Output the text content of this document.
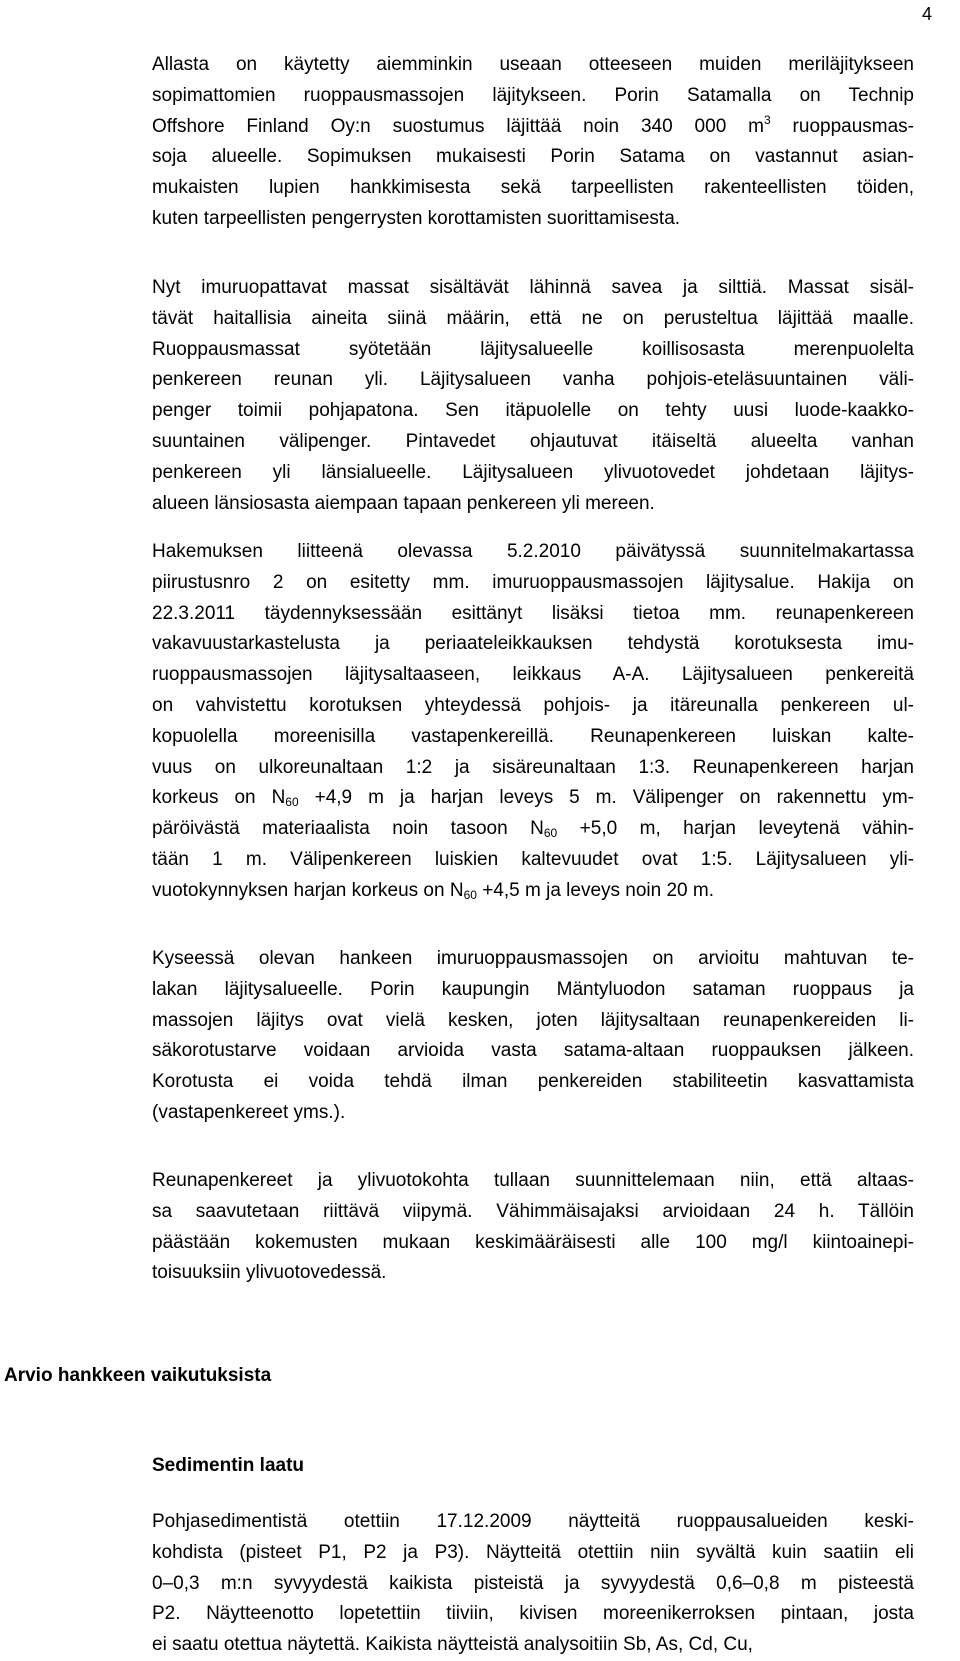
4

Allasta on käytetty aiemminkin useaan otteeseen muiden meriläjitykseen
sopimattomien ruoppausmassojen läjitykseen. Porin Satamalla on Technip
Offshore Finland Oy:n suostumus läjittää noin 340 000 $m^3$ ruoppausmas-
soja alueelle. Sopimuksen mukaisesti Porin Satama on vastannut asian-
mukaisten lupien hankkimisesta sekä tarpeellisten rakenteellisten töiden,
kuten tarpeellisten pengerrysten korottamisten suorittamisesta.

Nyt imuruopattavat massat sisältävät lähinnä savea ja silttiä. Massat sisäl-
tävät haitallisia aineita siinä määrin, että ne on perusteltua läjittää maalle.
Ruoppausmassat syötetään läjitysalueelle koillisosasta merenpuolelta
penkereen reunan yli. Läjitysalueen vanha pohjois-eteläsuuntainen väli-
penger toimii pohjapatona. Sen itäpuolelle on tehty uusi luode-kaakko-
suuntainen välipenger. Pintavedet ohjautuvat itäiseltä alueelta vanhan
penkereen yli länsialueelle. Läjitysalueen ylivuotovedet johdetaan läjitys-
alueen länsiosasta aiempaan tapaan penkereen yli mereen.

Hakemuksen liitteenä olevassa 5.2.2010 päivätyssä suunnitelmakartassa
piirustusnro 2 on esitetty mm. imuruoppausmassojen läjitysalue. Hakija on
22.3.2011 täydennyksessään esittänyt lisäksi tietoa mm. reunapenkereen
vakavuustarkastelusta ja periaateleikkauksen tehdystä korotuksesta imu-
ruoppausmassojen läjitysaltaaseen, leikkaus A-A. Läjitysalueen penkereitä
on vahvistettu korotuksen yhteydessä pohjois- ja itäreunalla penkereen ul-
kopuolella moreenisilla vastapenkereillä. Reunapenkereen luiskan kalte-
vuus on ulkoreunaltaan 1:2 ja sisäreunaltaan 1:3. Reunapenkereen harjan
korkeus on $N_{60} +4,9$ m ja harjan leveys 5 m. Välipenger on rakennettu ym-
päröivästä materiaalista noin tasoon $N_{60} +5,0$ m, harjan leveytenä vähin-
tään 1 m. Välipenkereen luiskien kaltevuudet ovat 1:5. Läjitysalueen yli-
vuotokynnyksen harjan korkeus on $N_{60} +4,5$ m ja leveys noin 20 m.

Kyseessä olevan hankeen imuruoppausmassojen on arvioitu mahtuvan te-
lakan läjitysalueelle. Porin kaupungin Mäntyluodon sataman ruoppaus ja
massojen läjitys ovat vielä kesken, joten läjitysaltaan reunapenkereiden li-
säkorotustarve voidaan arvioida vasta satama-altaan ruoppauksen jälkeen.
Korotusta ei voida tehdä ilman penkereiden stabiliteetin kasvattamista
(vastapenkereet yms.).

Reunapenkereet ja ylivuotokohta tullaan suunnittelemaan niin, että altaas-
sa saavutetaan riittävä viipymä. Vähimmäisajaksi arvioidaan 24 h. Tällöin
päästään kokemusten mukaan keskimääräisesti alle 100 mg/l kiintoainepi-
toisuuksiin ylivuotovedessä.

Arvio hankkeen vaikutuksista
Sedimentin laatu

Pohjasedimentistä otettiin 17.12.2009 näytteitä ruoppausalueiden keski-
kohdista (pisteet P1, P2 ja P3). Näytteitä otettiin niin syvältä kuin saatiin eli
0–0,3 m:n syvyydestä kaikista pisteistä ja syvyydestä 0,6–0,8 m pisteestä
P2. Näytteenotto lopetettiin tiiviin, kivisen moreenikerroksen pintaan, josta
ei saatu otettua näytettä. Kaikista näytteistä analysoitiin Sb, As, Cd, Cu,
